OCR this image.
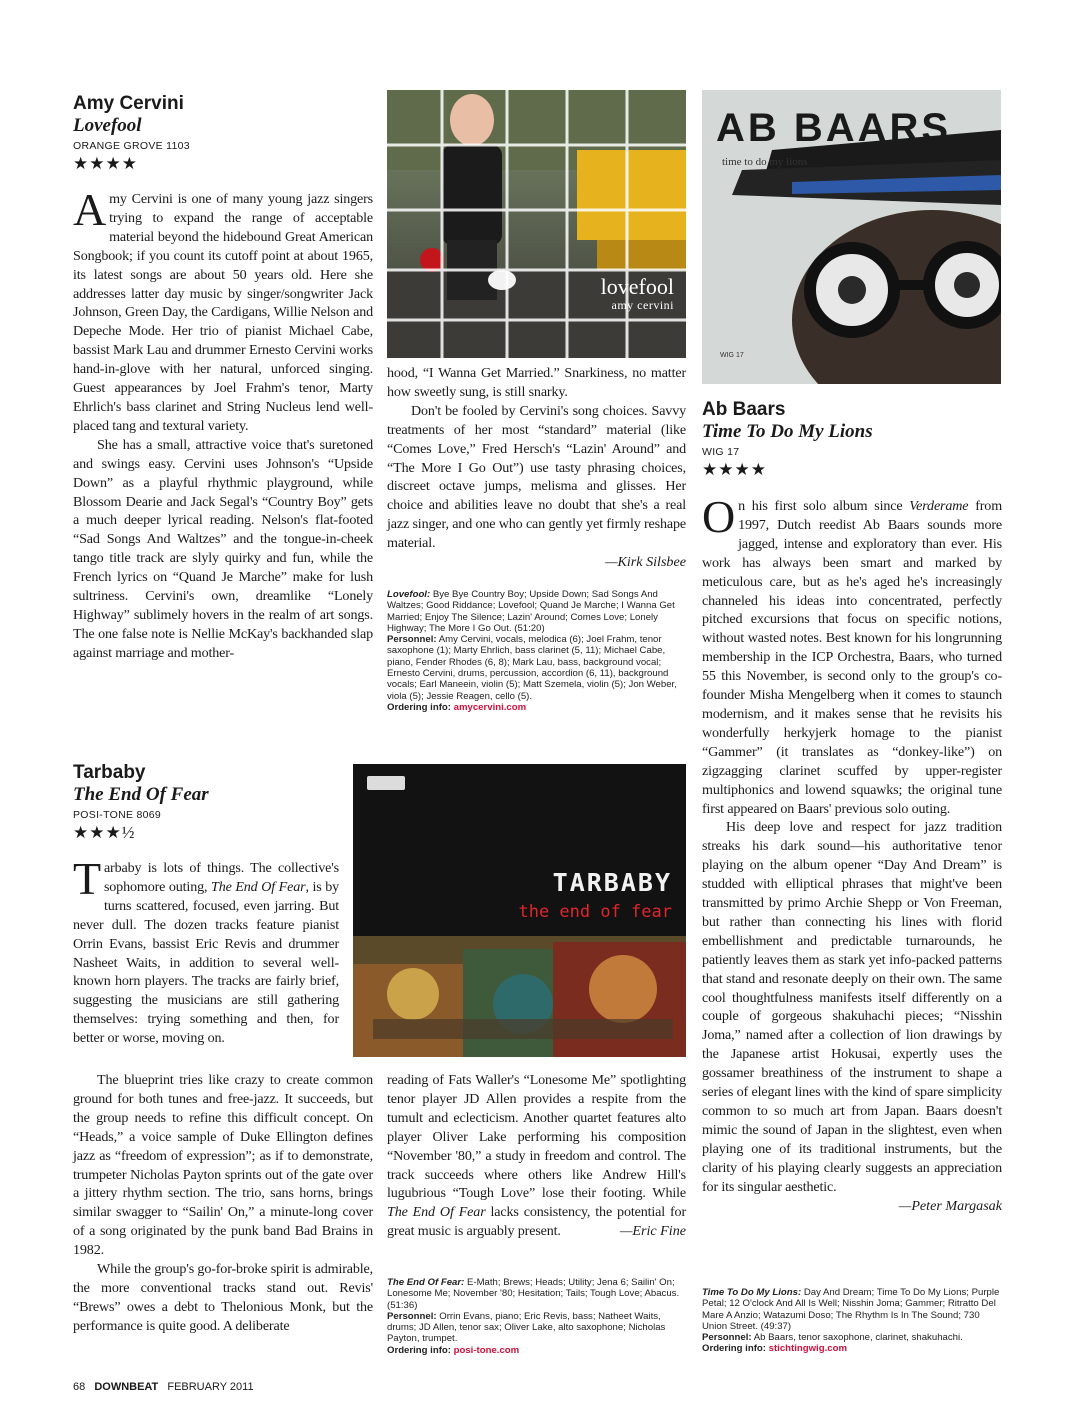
Amy Cervini
Lovefool
ORANGE GROVE 1103
★★★★

Amy Cervini is one of many young jazz singers trying to expand the range of acceptable material beyond the hidebound Great American Songbook; if you count its cutoff point at about 1965, its latest songs are about 50 years old. Here she addresses latter day music by singer/songwriter Jack Johnson, Green Day, the Cardigans, Willie Nelson and Depeche Mode. Her trio of pianist Michael Cabe, bassist Mark Lau and drummer Ernesto Cervini works hand-in-glove with her natural, unforced singing. Guest appearances by Joel Frahm's tenor, Marty Ehrlich's bass clarinet and String Nucleus lend well-placed tang and textural variety.

She has a small, attractive voice that's suretoned and swings easy. Cervini uses Johnson's “Upside Down” as a playful rhythmic playground, while Blossom Dearie and Jack Segal's “Country Boy” gets a much deeper lyrical reading. Nelson's flat-footed “Sad Songs And Waltzes” and the tongue-in-cheek tango title track are slyly quirky and fun, while the French lyrics on “Quand Je Marche” make for lush sultriness. Cervini's own, dreamlike “Lonely Highway” sublimely hovers in the realm of art songs. The one false note is Nellie McKay's backhanded slap against marriage and mother-

lovefool
amy cervini

hood, “I Wanna Get Married.” Snarkiness, no matter how sweetly sung, is still snarky.

Don't be fooled by Cervini's song choices. Savvy treatments of her most “standard” material (like “Comes Love,” Fred Hersch's “Lazin' Around” and “The More I Go Out”) use tasty phrasing choices, discreet octave jumps, melisma and glisses. Her choice and abilities leave no doubt that she's a real jazz singer, and one who can gently yet firmly reshape material.

—Kirk Silsbee
Lovefool: Bye Bye Country Boy; Upside Down; Sad Songs And Waltzes; Good Riddance; Lovefool; Quand Je Marche; I Wanna Get Married; Enjoy The Silence; Lazin' Around; Comes Love; Lonely Highway; The More I Go Out. (51:20)
Personnel: Amy Cervini, vocals, melodica (6); Joel Frahm, tenor saxophone (1); Marty Ehrlich, bass clarinet (5, 11); Michael Cabe, piano, Fender Rhodes (6, 8); Mark Lau, bass, background vocal; Ernesto Cervini, drums, percussion, accordion (6, 11), background vocals; Earl Maneein, violin (5); Matt Szemela, violin (5); Jon Weber, viola (5); Jessie Reagen, cello (5).
Ordering info: amycervini.com
AB BAARS
time to do my lions
WIG 17
Ab Baars
Time To Do My Lions
WIG 17
★★★★

On his first solo album since Verderame from 1997, Dutch reedist Ab Baars sounds more jagged, intense and exploratory than ever. His work has always been smart and marked by meticulous care, but as he's aged he's increasingly channeled his ideas into concentrated, perfectly pitched excursions that focus on specific notions, without wasted notes. Best known for his longrunning membership in the ICP Orchestra, Baars, who turned 55 this November, is second only to the group's co-founder Misha Mengelberg when it comes to staunch modernism, and it makes sense that he revisits his wonderfully herkyjerk homage to the pianist “Gammer” (it translates as “donkey-like”) on zigzagging clarinet scuffed by upper-register multiphonics and lowend squawks; the original tune first appeared on Baars' previous solo outing.

His deep love and respect for jazz tradition streaks his dark sound—his authoritative tenor playing on the album opener “Day And Dream” is studded with elliptical phrases that might've been transmitted by primo Archie Shepp or Von Freeman, but rather than connecting his lines with florid embellishment and predictable turnarounds, he patiently leaves them as stark yet info-packed patterns that stand and resonate deeply on their own. The same cool thoughtfulness manifests itself differently on a couple of gorgeous shakuhachi pieces; “Nisshin Joma,” named after a collection of lion drawings by the Japanese artist Hokusai, expertly uses the gossamer breathiness of the instrument to shape a series of elegant lines with the kind of spare simplicity common to so much art from Japan. Baars doesn't mimic the sound of Japan in the slightest, even when playing one of its traditional instruments, but the clarity of his playing clearly suggests an appreciation for its singular aesthetic.

—Peter Margasak
Time To Do My Lions: Day And Dream; Time To Do My Lions; Purple Petal; 12 O'clock And All Is Well; Nisshin Joma; Gammer; Ritratto Del Mare A Anzio; Watazumi Doso; The Rhythm Is In The Sound; 730 Union Street. (49:37)
Personnel: Ab Baars, tenor saxophone, clarinet, shakuhachi.
Ordering info: stichtingwig.com
Tarbaby
The End Of Fear
POSI-TONE 8069
★★★½

Tarbaby is lots of things. The collective's sophomore outing, The End Of Fear, is by turns scattered, focused, even jarring. But never dull. The dozen tracks feature pianist Orrin Evans, bassist Eric Revis and drummer Nasheet Waits, in addition to several well-known horn players. The tracks are fairly brief, suggesting the musicians are still gathering themselves: trying something and then, for better or worse, moving on.

The blueprint tries like crazy to create common ground for both tunes and free-jazz. It succeeds, but the group needs to refine this difficult concept. On “Heads,” a voice sample of Duke Ellington defines jazz as “freedom of expression”; as if to demonstrate, trumpeter Nicholas Payton sprints out of the gate over a jittery rhythm section. The trio, sans horns, brings similar swagger to “Sailin' On,” a minute-long cover of a song originated by the punk band Bad Brains in 1982.

While the group's go-for-broke spirit is admirable, the more conventional tracks stand out. Revis' “Brews” owes a debt to Thelonious Monk, but the performance is quite good. A deliberate

TARBABY
the end of fear

reading of Fats Waller's “Lonesome Me” spotlighting tenor player JD Allen provides a respite from the tumult and eclecticism. Another quartet features alto player Oliver Lake performing his composition “November '80,” a study in freedom and control. The track succeeds where others like Andrew Hill's lugubrious “Tough Love” lose their footing. While The End Of Fear lacks consistency, the potential for great music is arguably present.	—Eric Fine
The End Of Fear: E-Math; Brews; Heads; Utility; Jena 6; Sailin' On; Lonesome Me; November '80; Hesitation; Tails; Tough Love; Abacus. (51:36)
Personnel: Orrin Evans, piano; Eric Revis, bass; Natheet Waits, drums; JD Allen, tenor sax; Oliver Lake, alto saxophone; Nicholas Payton, trumpet.
Ordering info: posi-tone.com
68 DOWNBEAT FEBRUARY 2011
